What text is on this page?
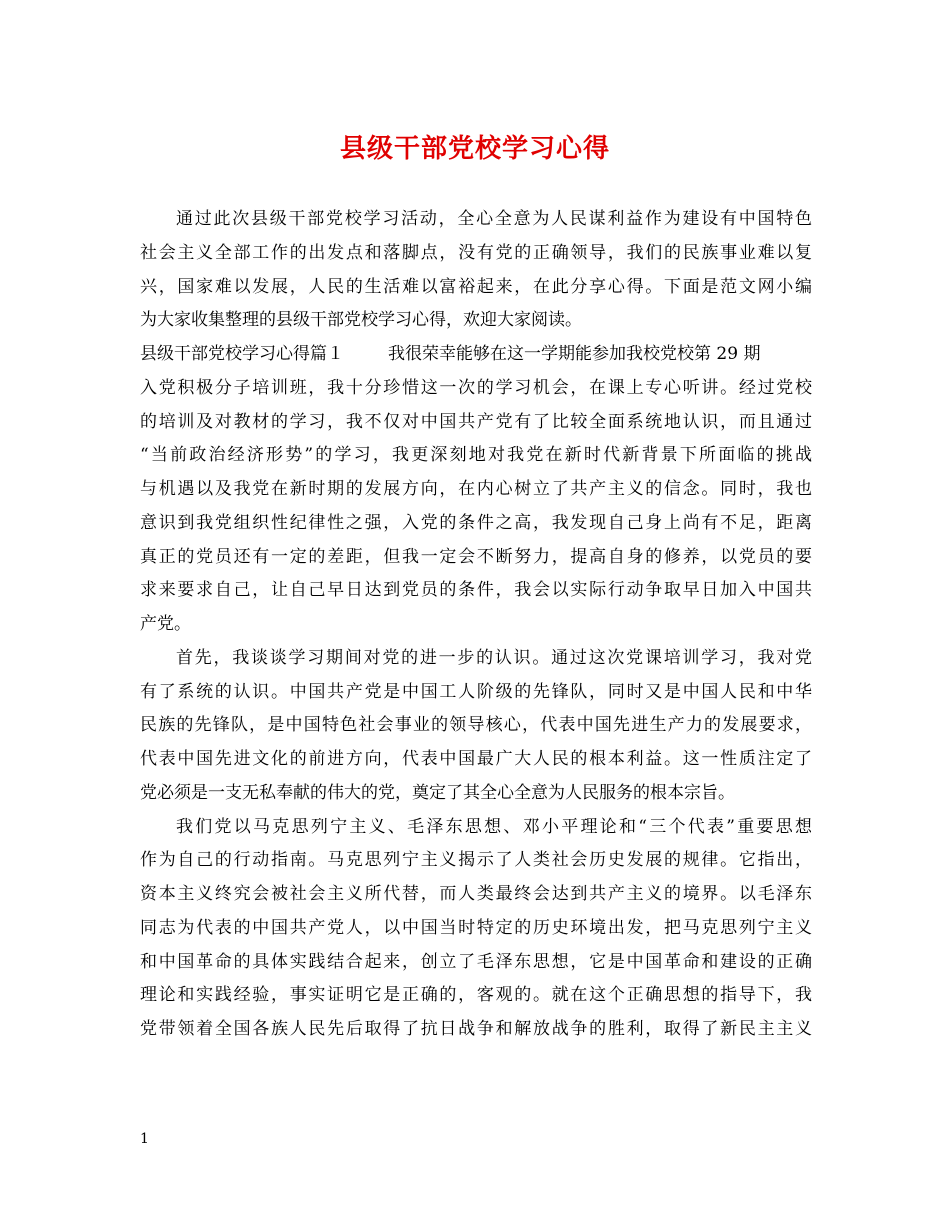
县级干部党校学习心得
通过此次县级干部党校学习活动，全心全意为人民谋利益作为建设有中国特色
社会主义全部工作的出发点和落脚点，没有党的正确领导，我们的民族事业难以复
兴，国家难以发展，人民的生活难以富裕起来，在此分享心得。下面是范文网小编
为大家收集整理的县级干部党校学习心得，欢迎大家阅读。
县级干部党校学习心得篇１	我很荣幸能够在这一学期能参加我校党校第 29 期
入党积极分子培训班，我十分珍惜这一次的学习机会，在课上专心听讲。经过党校
的培训及对教材的学习，我不仅对中国共产党有了比较全面系统地认识，而且通过
“当前政治经济形势”的学习，我更深刻地对我党在新时代新背景下所面临的挑战
与机遇以及我党在新时期的发展方向，在内心树立了共产主义的信念。同时，我也
意识到我党组织性纪律性之强，入党的条件之高，我发现自己身上尚有不足，距离
真正的党员还有一定的差距，但我一定会不断努力，提高自身的修养，以党员的要
求来要求自己，让自己早日达到党员的条件，我会以实际行动争取早日加入中国共
产党。
首先，我谈谈学习期间对党的进一步的认识。通过这次党课培训学习，我对党
有了系统的认识。中国共产党是中国工人阶级的先锋队，同时又是中国人民和中华
民族的先锋队，是中国特色社会事业的领导核心，代表中国先进生产力的发展要求，
代表中国先进文化的前进方向，代表中国最广大人民的根本利益。这一性质注定了
党必须是一支无私奉献的伟大的党，奠定了其全心全意为人民服务的根本宗旨。
我们党以马克思列宁主义、毛泽东思想、邓小平理论和“三个代表”重要思想
作为自己的行动指南。马克思列宁主义揭示了人类社会历史发展的规律。它指出，
资本主义终究会被社会主义所代替，而人类最终会达到共产主义的境界。以毛泽东
同志为代表的中国共产党人，以中国当时特定的历史环境出发，把马克思列宁主义
和中国革命的具体实践结合起来，创立了毛泽东思想，它是中国革命和建设的正确
理论和实践经验，事实证明它是正确的，客观的。就在这个正确思想的指导下，我
党带领着全国各族人民先后取得了抗日战争和解放战争的胜利，取得了新民主主义
1
